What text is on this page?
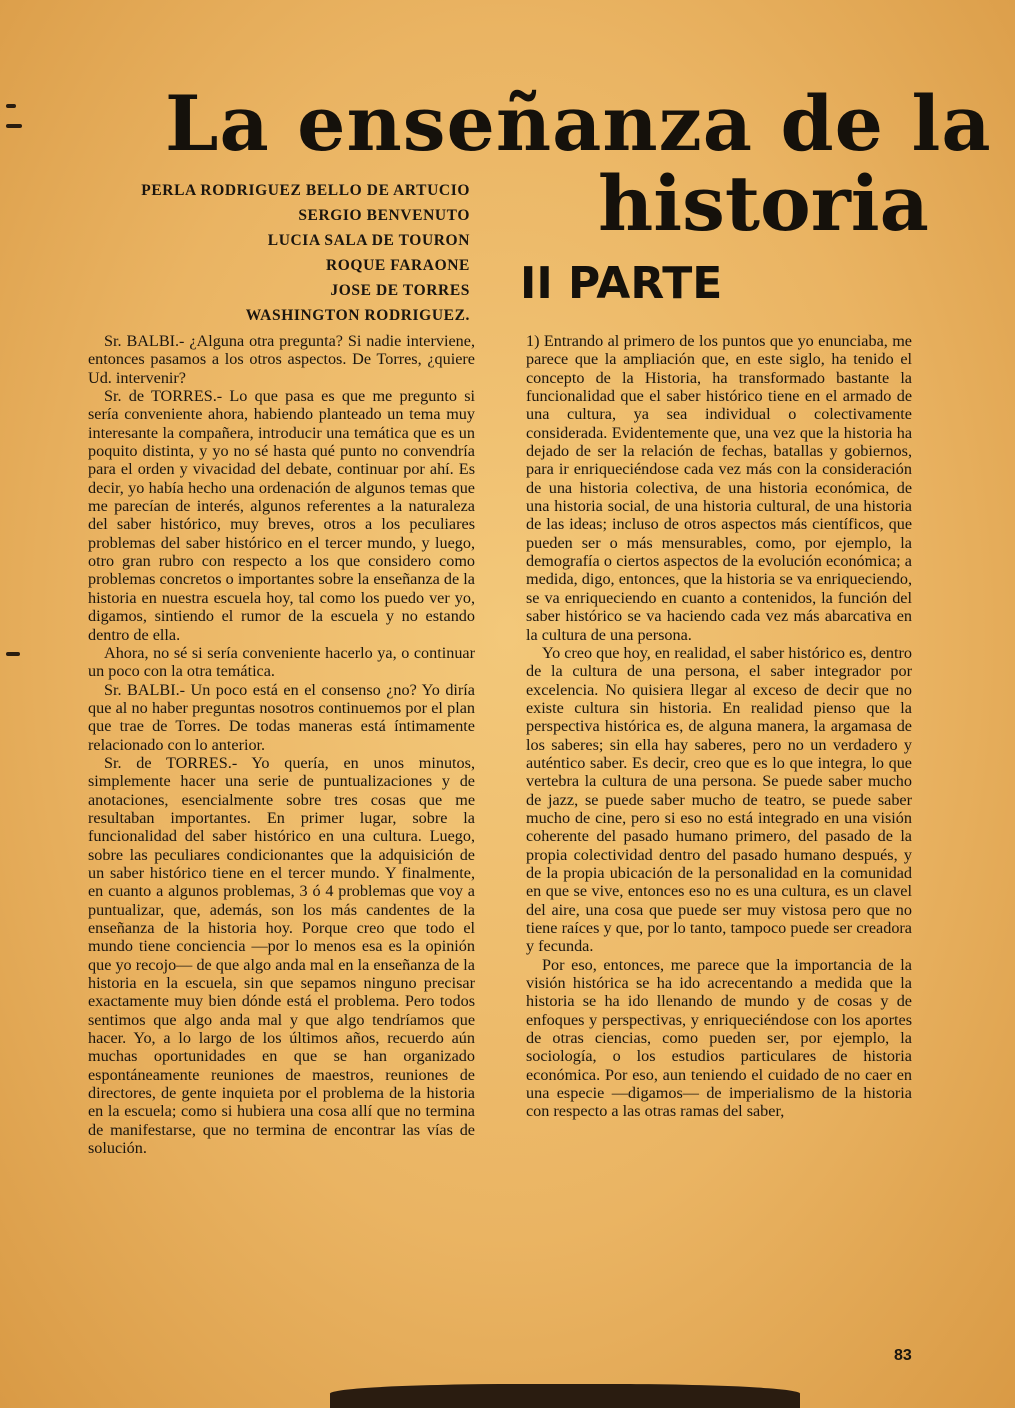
La enseñanza de la
historia
II PARTE
PERLA RODRIGUEZ BELLO DE ARTUCIO
SERGIO BENVENUTO
LUCIA SALA DE TOURON
ROQUE FARAONE
JOSE DE TORRES
WASHINGTON RODRIGUEZ.

Sr. BALBI.- ¿Alguna otra pregunta? Si nadie interviene, entonces pasamos a los otros aspectos. De Torres, ¿quiere Ud. intervenir?

Sr. de TORRES.- Lo que pasa es que me pregunto si sería conveniente ahora, habiendo planteado un tema muy interesante la compañera, introducir una temática que es un poquito distinta, y yo no sé hasta qué punto no convendría para el orden y vivacidad del debate, continuar por ahí. Es decir, yo había hecho una ordenación de algunos temas que me parecían de interés, algunos referentes a la naturaleza del saber histórico, muy breves, otros a los peculiares problemas del saber histórico en el tercer mundo, y luego, otro gran rubro con respecto a los que considero como problemas concretos o importantes sobre la enseñanza de la historia en nuestra escuela hoy, tal como los puedo ver yo, digamos, sintiendo el rumor de la escuela y no estando dentro de ella.

Ahora, no sé si sería conveniente hacerlo ya, o continuar un poco con la otra temática.

Sr. BALBI.- Un poco está en el consenso ¿no? Yo diría que al no haber preguntas nosotros continuemos por el plan que trae de Torres. De todas maneras está íntimamente relacionado con lo anterior.

Sr. de TORRES.- Yo quería, en unos minutos, simplemente hacer una serie de puntualizaciones y de anotaciones, esencialmente sobre tres cosas que me resultaban importantes. En primer lugar, sobre la funcionalidad del saber histórico en una cultura. Luego, sobre las peculiares condicionantes que la adquisición de un saber histórico tiene en el tercer mundo. Y finalmente, en cuanto a algunos problemas, 3 ó 4 problemas que voy a puntualizar, que, además, son los más candentes de la enseñanza de la historia hoy. Porque creo que todo el mundo tiene conciencia —por lo menos esa es la opinión que yo recojo— de que algo anda mal en la enseñanza de la historia en la escuela, sin que sepamos ninguno precisar exactamente muy bien dónde está el problema. Pero todos sentimos que algo anda mal y que algo tendríamos que hacer. Yo, a lo largo de los últimos años, recuerdo aún muchas oportunidades en que se han organizado espontáneamente reuniones de maestros, reuniones de directores, de gente inquieta por el problema de la historia en la escuela; como si hubiera una cosa allí que no termina de manifestarse, que no termina de encontrar las vías de solución.

1) Entrando al primero de los puntos que yo enunciaba, me parece que la ampliación que, en este siglo, ha tenido el concepto de la Historia, ha transformado bastante la funcionalidad que el saber histórico tiene en el armado de una cultura, ya sea individual o colectivamente considerada. Evidentemente que, una vez que la historia ha dejado de ser la relación de fechas, batallas y gobiernos, para ir enriqueciéndose cada vez más con la consideración de una historia colectiva, de una historia económica, de una historia social, de una historia cultural, de una historia de las ideas; incluso de otros aspectos más científicos, que pueden ser o más mensurables, como, por ejemplo, la demografía o ciertos aspectos de la evolución económica; a medida, digo, entonces, que la historia se va enriqueciendo, se va enriqueciendo en cuanto a contenidos, la función del saber histórico se va haciendo cada vez más abarcativa en la cultura de una persona.

Yo creo que hoy, en realidad, el saber histórico es, dentro de la cultura de una persona, el saber integrador por excelencia. No quisiera llegar al exceso de decir que no existe cultura sin historia. En realidad pienso que la perspectiva histórica es, de alguna manera, la argamasa de los saberes; sin ella hay saberes, pero no un verdadero y auténtico saber. Es decir, creo que es lo que integra, lo que vertebra la cultura de una persona. Se puede saber mucho de jazz, se puede saber mucho de teatro, se puede saber mucho de cine, pero si eso no está integrado en una visión coherente del pasado humano primero, del pasado de la propia colectividad dentro del pasado humano después, y de la propia ubicación de la personalidad en la comunidad en que se vive, entonces eso no es una cultura, es un clavel del aire, una cosa que puede ser muy vistosa pero que no tiene raíces y que, por lo tanto, tampoco puede ser creadora y fecunda.

Por eso, entonces, me parece que la importancia de la visión histórica se ha ido acrecentando a medida que la historia se ha ido llenando de mundo y de cosas y de enfoques y perspectivas, y enriqueciéndose con los aportes de otras ciencias, como pueden ser, por ejemplo, la sociología, o los estudios particulares de historia económica. Por eso, aun teniendo el cuidado de no caer en una especie —digamos— de imperialismo de la historia con respecto a las otras ramas del saber,

83
